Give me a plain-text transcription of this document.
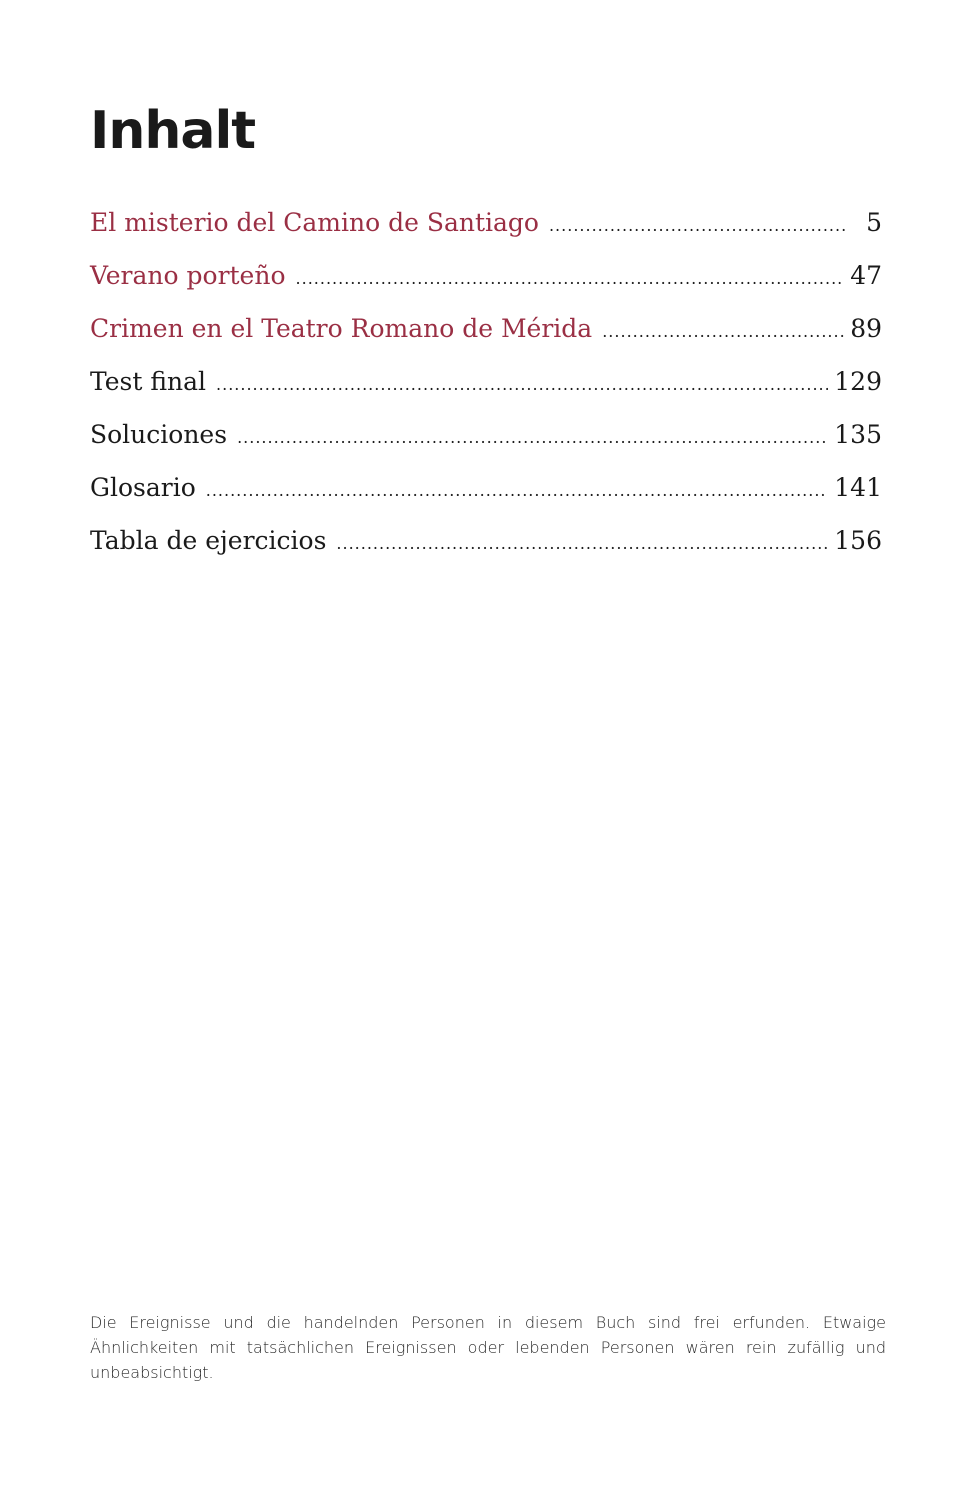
Inhalt
El misterio del Camino de Santiago .....	5
Verano porteño .....	47
Crimen en el Teatro Romano de Mérida .....	89
Test final .....	129
Soluciones .....	135
Glosario .....	141
Tabla de ejercicios .....	156

Die Ereignisse und die handelnden Personen in diesem Buch sind frei erfunden. Etwaige Ähnlichkeiten mit tatsächlichen Ereignissen oder lebenden Personen wären rein zufällig und unbeabsichtigt.
